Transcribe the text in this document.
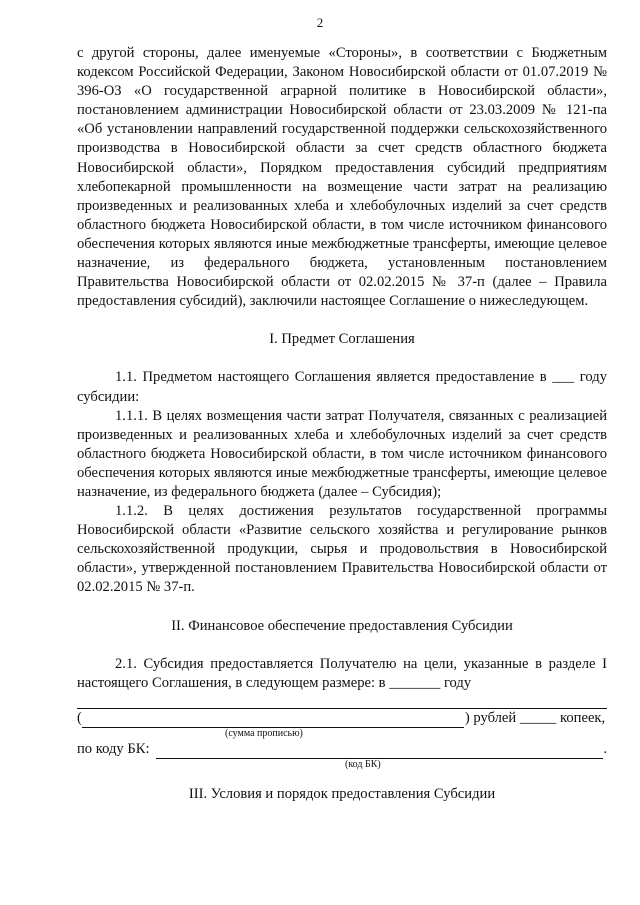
2

с другой стороны, далее именуемые «Стороны», в соответствии с Бюджетным кодексом Российской Федерации, Законом Новосибирской области от 01.07.2019 № 396-ОЗ «О государственной аграрной политике в Новосибирской области», постановлением администрации Новосибирской области от 23.03.2009 № 121-па «Об установлении направлений государственной поддержки сельскохозяйственного производства в Новосибирской области за счет средств областного бюджета Новосибирской области», Порядком предоставления субсидий предприятиям хлебопекарной промышленности на возмещение части затрат на реализацию произведенных и реализованных хлеба и хлебобулочных изделий за счет средств областного бюджета Новосибирской области, в том числе источником финансового обеспечения которых являются иные межбюджетные трансферты, имеющие целевое назначение, из федерального бюджета, установленным постановлением Правительства Новосибирской области от 02.02.2015 № 37-п (далее – Правила предоставления субсидий), заключили настоящее Соглашение о нижеследующем.

I. Предмет Соглашения

1.1. Предметом настоящего Соглашения является предоставление в ___ году субсидии:

1.1.1. В целях возмещения части затрат Получателя, связанных с реализацией произведенных и реализованных хлеба и хлебобулочных изделий за счет средств областного бюджета Новосибирской области, в том числе источником финансового обеспечения которых являются иные межбюджетные трансферты, имеющие целевое назначение, из федерального бюджета (далее – Субсидия);

1.1.2. В целях достижения результатов государственной программы Новосибирской области «Развитие сельского хозяйства и регулирование рынков сельскохозяйственной продукции, сырья и продовольствия в Новосибирской области», утвержденной постановлением Правительства Новосибирской области от 02.02.2015 № 37-п.

II. Финансовое обеспечение предоставления Субсидии

2.1. Субсидия предоставляется Получателю на цели, указанные в разделе I настоящего Соглашения, в следующем размере: в _______ году

(	) рублей _____ копеек,
(сумма прописью)
по коду БК:	.
(код БК)

III. Условия и порядок предоставления Субсидии
